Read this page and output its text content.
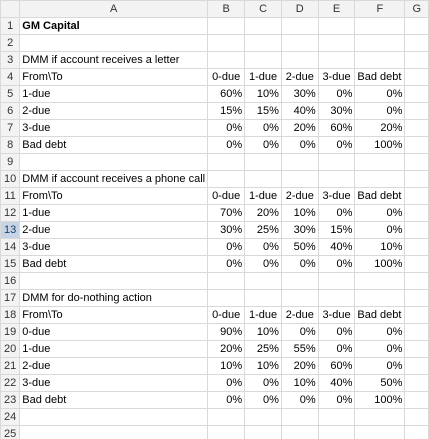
	A	B	C	D	E	F	G
1	GM Capital						
2							
3	DMM if account receives a letter						
4	From\To	0-due	1-due	2-due	3-due	Bad debt	
5	1-due	60%	10%	30%	0%	0%	
6	2-due	15%	15%	40%	30%	0%	
7	3-due	0%	0%	20%	60%	20%	
8	Bad debt	0%	0%	0%	0%	100%	
9							
10	DMM if account receives a phone call						
11	From\To	0-due	1-due	2-due	3-due	Bad debt	
12	1-due	70%	20%	10%	0%	0%	
13	2-due	30%	25%	30%	15%	0%	
14	3-due	0%	0%	50%	40%	10%	
15	Bad debt	0%	0%	0%	0%	100%	
16							
17	DMM for do-nothing action						
18	From\To	0-due	1-due	2-due	3-due	Bad debt	
19	0-due	90%	10%	0%	0%	0%	
20	1-due	20%	25%	55%	0%	0%	
21	2-due	10%	10%	20%	60%	0%	
22	3-due	0%	0%	10%	40%	50%	
23	Bad debt	0%	0%	0%	0%	100%	
24							
25							
